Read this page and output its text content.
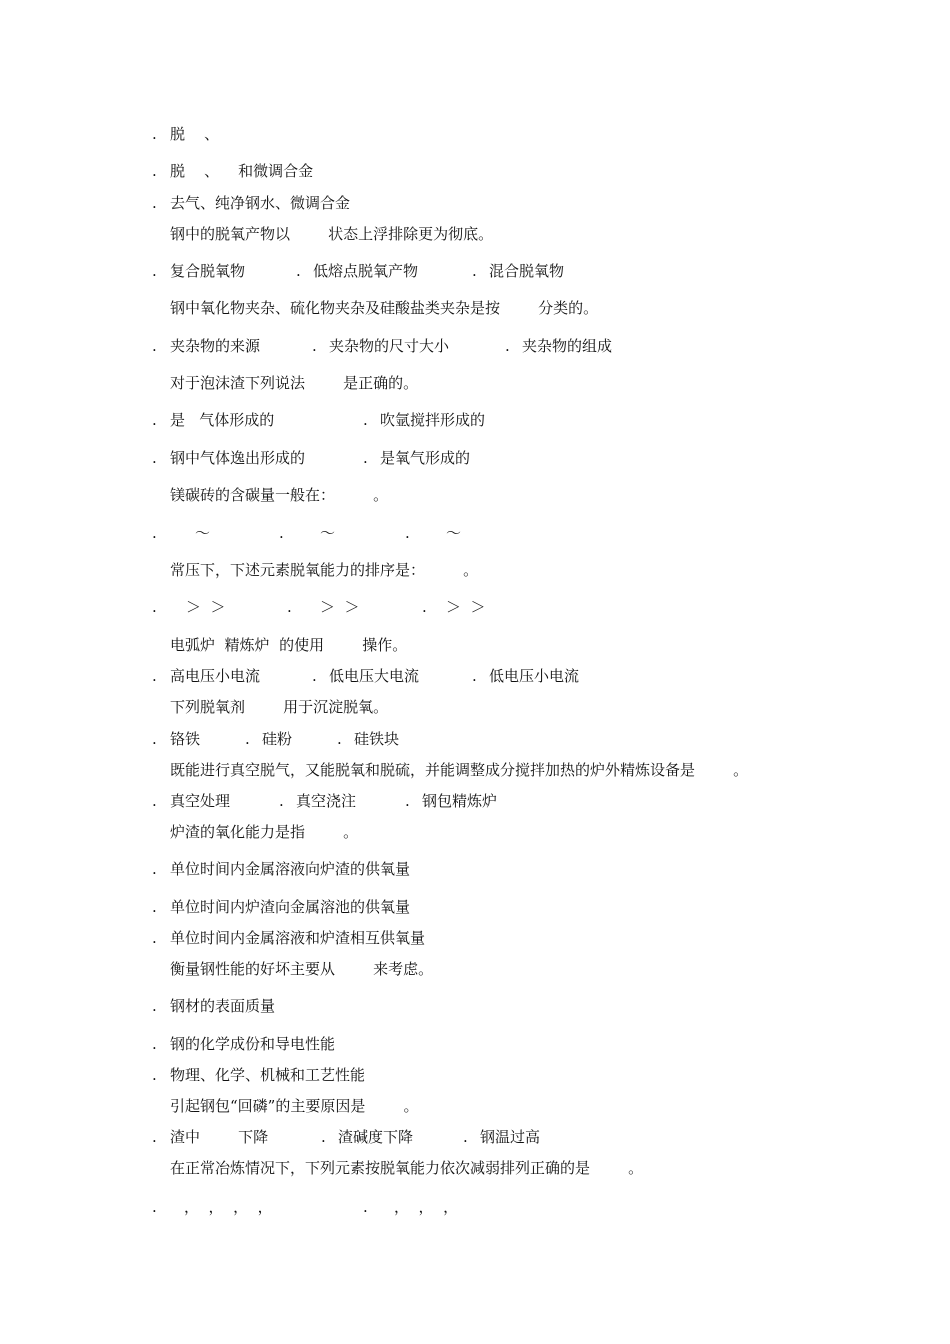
. 脱    、
. 脱    、    和微调合金
. 去气、纯净钢水、微调合金
钢中的脱氧产物以        状态上浮排除更为彻底。
. 复合脱氧物	. 低熔点脱氧产物	. 混合脱氧物
钢中氧化物夹杂、硫化物夹杂及硅酸盐类夹杂是按        分类的。
. 夹杂物的来源	. 夹杂物的尺寸大小	. 夹杂物的组成
对于泡沫渣下列说法        是正确的。
. 是   气体形成的	. 吹氩搅拌形成的
. 钢中气体逸出形成的	. 是氧气形成的
镁碳砖的含碳量一般在：        。
.	～	. ～	. ～
常压下，下述元素脱氧能力的排序是：        。
. ＞  ＞	. ＞  ＞	. ＞  ＞
电弧炉  精炼炉  的使用        操作。
. 高电压小电流	. 低电压大电流	. 低电压小电流
下列脱氧剂        用于沉淀脱氧。
. 铬铁	. 硅粉	. 硅铁块
既能进行真空脱气，又能脱氧和脱硫，并能调整成分搅拌加热的炉外精炼设备是        。
. 真空处理	. 真空浇注	. 钢包精炼炉
炉渣的氧化能力是指        。
. 单位时间内金属溶液向炉渣的供氧量
. 单位时间内炉渣向金属溶池的供氧量
. 单位时间内金属溶液和炉渣相互供氧量
衡量钢性能的好坏主要从        来考虑。
. 钢材的表面质量
. 钢的化学成份和导电性能
. 物理、化学、机械和工艺性能
引起钢包“回磷”的主要原因是        。
. 渣中        下降	. 渣碱度下降	. 钢温过高
在正常冶炼情况下，下列元素按脱氧能力依次减弱排列正确的是        。
. ，  ，  ，  ，	. ，  ，  ，
